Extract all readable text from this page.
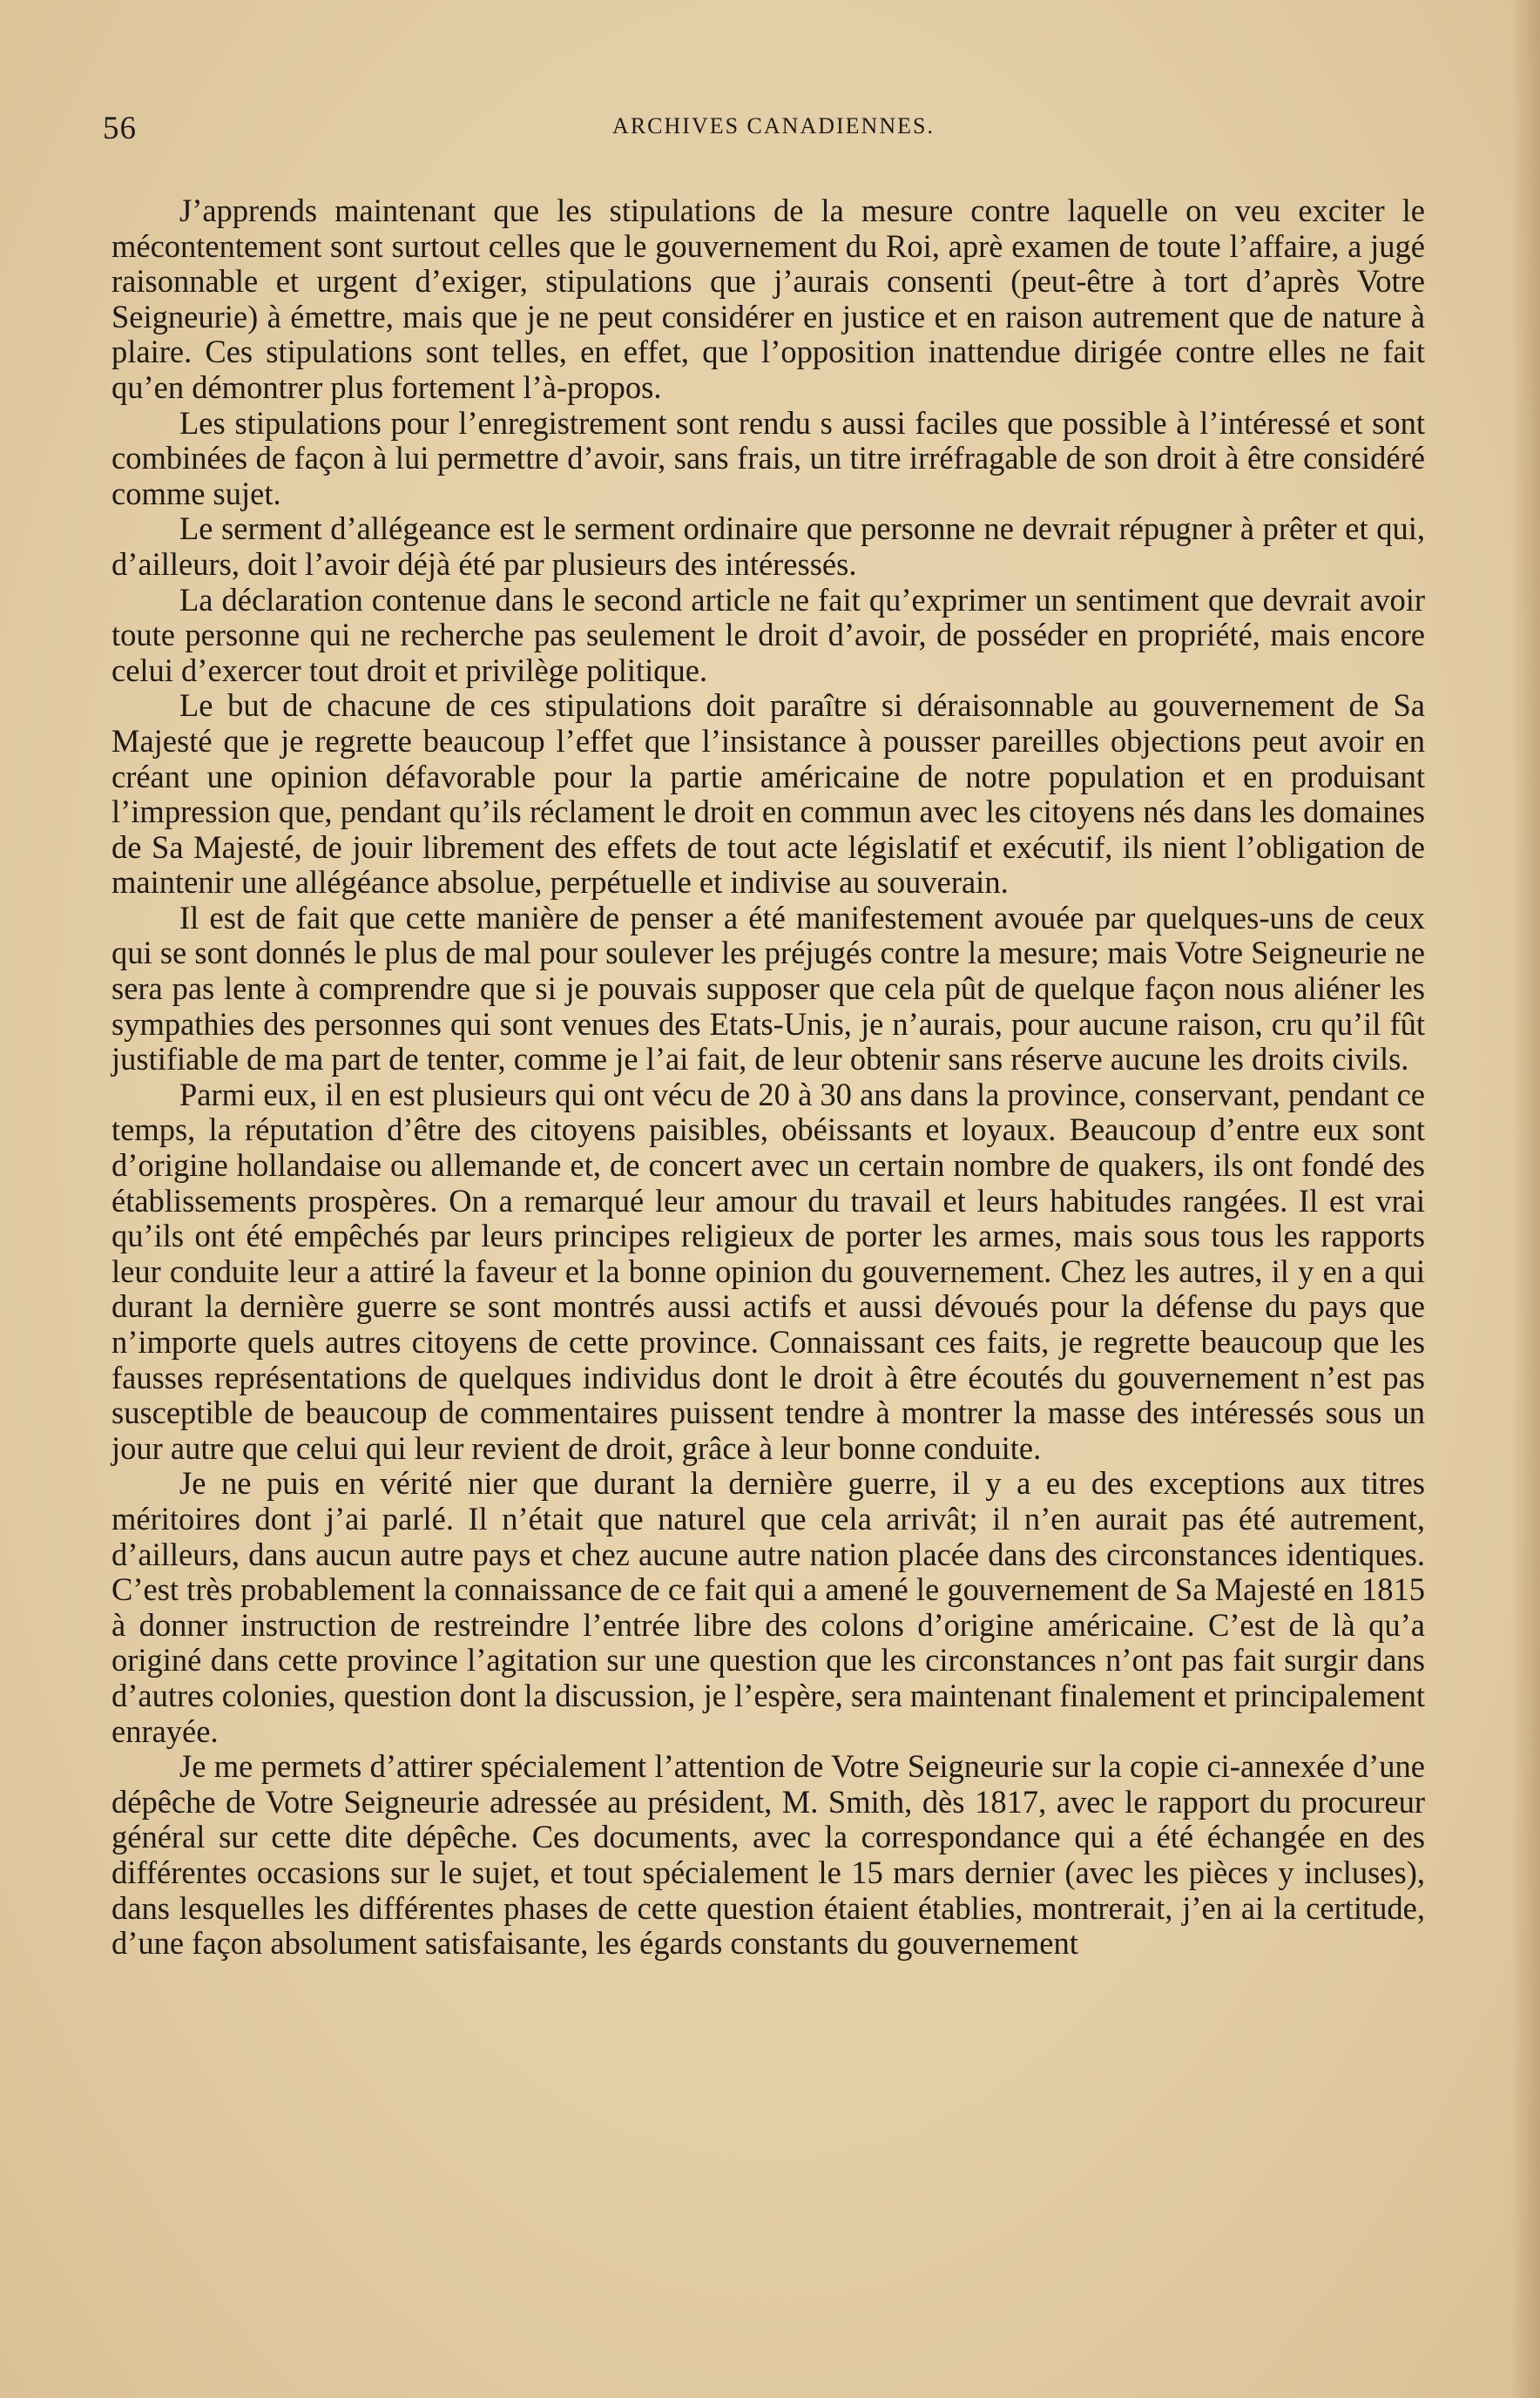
56	ARCHIVES CANADIENNES.

J’apprends maintenant que les stipulations de la mesure contre laquelle on veu exciter le mécontentement sont surtout celles que le gouvernement du Roi, aprè examen de toute l’affaire, a jugé raisonnable et urgent d’exiger, stipulations que j’aurais consenti (peut-être à tort d’après Votre Seigneurie) à émettre, mais que je ne peut considérer en justice et en raison autrement que de nature à plaire. Ces stipulations sont telles, en effet, que l’opposition inattendue dirigée contre elles ne fait qu’en démontrer plus fortement l’à-propos.

Les stipulations pour l’enregistrement sont rendu s aussi faciles que possible à l’intéressé et sont combinées de façon à lui permettre d’avoir, sans frais, un titre irréfragable de son droit à être considéré comme sujet.

Le serment d’allégeance est le serment ordinaire que personne ne devrait répugner à prêter et qui, d’ailleurs, doit l’avoir déjà été par plusieurs des intéressés.

La déclaration contenue dans le second article ne fait qu’exprimer un sentiment que devrait avoir toute personne qui ne recherche pas seulement le droit d’avoir, de posséder en propriété, mais encore celui d’exercer tout droit et privilège politique.

Le but de chacune de ces stipulations doit paraître si déraisonnable au gouvernement de Sa Majesté que je regrette beaucoup l’effet que l’insistance à pousser pareilles objections peut avoir en créant une opinion défavorable pour la partie américaine de notre population et en produisant l’impression que, pendant qu’ils réclament le droit en commun avec les citoyens nés dans les domaines de Sa Majesté, de jouir librement des effets de tout acte législatif et exécutif, ils nient l’obligation de maintenir une allégéance absolue, perpétuelle et indivise au souverain.

Il est de fait que cette manière de penser a été manifestement avouée par quelques-uns de ceux qui se sont donnés le plus de mal pour soulever les préjugés contre la mesure; mais Votre Seigneurie ne sera pas lente à comprendre que si je pouvais supposer que cela pût de quelque façon nous aliéner les sympathies des personnes qui sont venues des Etats-Unis, je n’aurais, pour aucune raison, cru qu’il fût justifiable de ma part de tenter, comme je l’ai fait, de leur obtenir sans réserve aucune les droits civils.

Parmi eux, il en est plusieurs qui ont vécu de 20 à 30 ans dans la province, conservant, pendant ce temps, la réputation d’être des citoyens paisibles, obéissants et loyaux. Beaucoup d’entre eux sont d’origine hollandaise ou allemande et, de concert avec un certain nombre de quakers, ils ont fondé des établissements prospères. On a remarqué leur amour du travail et leurs habitudes rangées. Il est vrai qu’ils ont été empêchés par leurs principes religieux de porter les armes, mais sous tous les rapports leur conduite leur a attiré la faveur et la bonne opinion du gouvernement. Chez les autres, il y en a qui durant la dernière guerre se sont montrés aussi actifs et aussi dévoués pour la défense du pays que n’importe quels autres citoyens de cette province. Connaissant ces faits, je regrette beaucoup que les fausses représentations de quelques individus dont le droit à être écoutés du gouvernement n’est pas susceptible de beaucoup de commentaires puissent tendre à montrer la masse des intéressés sous un jour autre que celui qui leur revient de droit, grâce à leur bonne conduite.

Je ne puis en vérité nier que durant la dernière guerre, il y a eu des exceptions aux titres méritoires dont j’ai parlé. Il n’était que naturel que cela arrivât; il n’en aurait pas été autrement, d’ailleurs, dans aucun autre pays et chez aucune autre nation placée dans des circonstances identiques. C’est très probablement la connaissance de ce fait qui a amené le gouvernement de Sa Majesté en 1815 à donner instruction de restreindre l’entrée libre des colons d’origine américaine. C’est de là qu’a originé dans cette province l’agitation sur une question que les circonstances n’ont pas fait surgir dans d’autres colonies, question dont la discussion, je l’espère, sera maintenant finalement et principalement enrayée.

Je me permets d’attirer spécialement l’attention de Votre Seigneurie sur la copie ci-annexée d’une dépêche de Votre Seigneurie adressée au président, M. Smith, dès 1817, avec le rapport du procureur général sur cette dite dépêche. Ces documents, avec la correspondance qui a été échangée en des différentes occasions sur le sujet, et tout spécialement le 15 mars dernier (avec les pièces y incluses), dans lesquelles les différentes phases de cette question étaient établies, montrerait, j’en ai la certitude, d’une façon absolument satisfaisante, les égards constants du gouvernement
